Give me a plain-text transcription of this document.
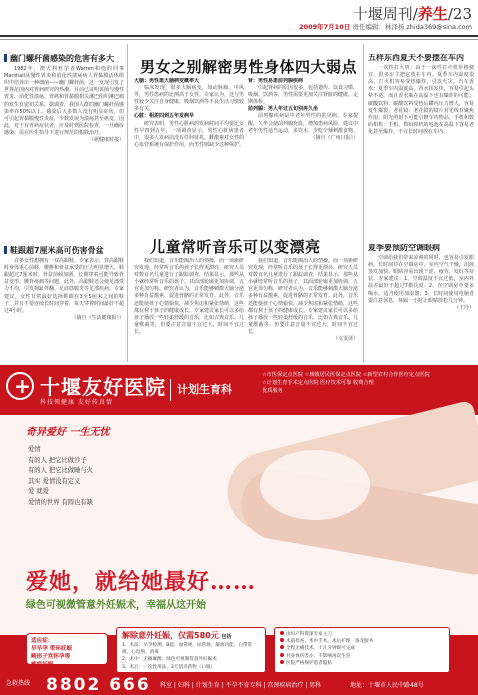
十堰周刊/养生/23
2009年7月10日 责任编辑：林泽扬 zhida369@sina.com
幽门螺杆菌感染的危害有多大

1982年，澳大利亚学者Warren和他的同事Marshall从慢性胃炎和消化性溃疡病人胃黏膜活体组织中培养出一种细菌——幽门螺杆菌，这一发现引发了世界范围内对胃病研究的热潮。目前已证明该菌与慢性胃炎、消化性溃疡、胃癌和胃黏膜相关淋巴组织淋巴瘤的发生有密切关系。据调查，我国人群的幽门螺杆菌感染率在50%以上。感染后大多数人没有明显症状，但可引起胃黏膜慢性炎症，少数发展为溃疡甚至癌变。因此，对于有胃病症状者，应及时到医院检查，一旦确诊感染，需在医生指导下进行规范的根除治疗。

（据健康时报）
鞋跟超7厘米高可伤害骨盆

许多女性想拥有一双高跟鞋，专家表示，穿高跟鞋时身体重心前移，腰椎和骨盆承受的压力明显增大。鞋跟超过7厘米时，骨盆前倾加剧，长期穿着可能导致骨盆变形、腰背疼痛等问题。此外，高跟鞋还会使足部受力不均，引发拇趾外翻、足底筋膜炎等足部疾病。专家建议，女性日常最好选择鞋跟在3至5厘米之间的鞋子，并且不要连续长时间穿着，每天穿着时间最好不超过4小时。

（摘自《生活健康报》）
男女之别解密男性身体四大弱点
大脑：男性患大脑病变概率大

临床发现，很多大脑病变，如动脉瘤、中风等，男性患病的比例高于女性。专家认为，这与男性较少关注自身健康、吸烟饮酒等不良生活习惯较多有关。

心脏：相差四到五年发病早

研究表明，男性心脏病的发病时间平均要比女性早四到五年。一项调查显示，男性心脏病患者中，很多人发病前没有任何征兆。雌激素对女性的心血管系统有保护作用，而男性则缺少这种保护。

肾：男性易患前列腺疾病

引起肾病的原因很多，包括遗传、饮食习惯、吸烟、饮酒等，男性需要更加关注肾脏的健康，定期体检。

前列腺：男人年过五旬别再久坐

前列腺疾病是中老年男性的常见病。专家提醒，久坐会使前列腺充血，增加患病风险，建议中老年男性适当运动，多饮水，少吃辛辣刺激食物。

（摘自《广州日报》）
儿童常听音乐可以变漂亮

我们知道，音乐能陶冶人的情操，而一项新研究发现，经常听音乐的孩子长得更漂亮。研究人员对数百名儿童进行了跟踪调查，结果显示，那些从小就经常听音乐的孩子，其面部轮廓更加协调，五官更加匀称。研究者认为，音乐能够刺激大脑分泌多种有益激素，促进骨骼的正常发育。此外，音乐还能使孩子心情愉快，减少焦虑和紧张情绪，这些都有利于孩子的健康成长。专家建议家长可以多给孩子播放一些轻柔舒缓的音乐，比如古典音乐、儿童歌曲等，但要注意音量不宜过大，时间不宜过长。

我们知道，音乐能陶冶人的情操，而一项新研究发现，经常听音乐的孩子长得更漂亮。研究人员对数百名儿童进行了跟踪调查，结果显示，那些从小就经常听音乐的孩子，其面部轮廓更加协调，五官更加匀称。研究者认为，音乐能够刺激大脑分泌多种有益激素，促进骨骼的正常发育。此外，音乐还能使孩子心情愉快，减少焦虑和紧张情绪，这些都有利于孩子的健康成长。专家建议家长可以多给孩子播放一些轻柔舒缓的音乐，比如古典音乐、儿童歌曲等，但要注意音量不宜过大，时间不宜过长。

（文雯译）
五样东西夏天不要摆在车内

一次性打火机：由于一次性打火机价格便宜，很多车主把它放在车内。夏季车内温度很高，打火机容易受热爆炸，引发火灾。汽车香水：夏季车内温度高，香水挥发快，容易引起头晕不适，而且香水瓶在高温下也有爆炸的可能。碳酸饮料：碳酸饮料受热后罐内压力增大，容易发生爆裂。老花镜：老花镜的镜片对光线有聚焦作用，阳光照射下可能引燃车内物品。手机和数码相机：手机、数码相机的电池在高温下容易老化甚至爆炸，不宜长时间放在车内。

夏季要预防空调眼病

空调给我们带来凉爽的同时，也容易引发眼病。长时间待在空调房中，室内空气干燥，泪液蒸发加快，眼睛容易出现干涩、疲劳、发红等症状。专家建议：1、空调温度不宜过低，室内外温差最好不超过7摄氏度；2、在空调房中要多喝水，适当使用加湿器；3、长时间使用电脑者要注意休息，每隔一小时让眼睛放松几分钟。

（王玲）
+
十堰友好医院
科技领健康 友好传真情
计划生育科
☆市医保定点医院 ☆城镇居民医保定点医院 ☆新型农村合作医疗定点医院
☆计划生育手术定点医院 医疗技术可靠 收费合理
优质服务
奇异爱好 一生无忧
爱情
有的人 把它比做沙子
有的人 把它比做睡与火
其实 爱情没有定义
爱 就爱
爱情的世界 有圆也有缺
爱她，就给她最好……
绿色可视微管意外妊娠术，幸福从这开始
适应症：
早早孕 带环妊娠
畸形子宫怀孕等
瘢痕妊娠
解除意外妊娠，仅需580元 包括
1、术前：早孕检测、B超、血常规、尿常规、凝血功能、白带常规、心电图、消毒
2、术中：无痛麻醉、绿色可视微管意外妊娠术
3、术后：一次性用品、3天消炎药物（口服）
由妇产科资深专家主刀
术前检查、术中手术、术后护理一条龙服务
全程无痛技术，十几分钟即可完成
对身体伤害小，不影响再次生育
医院严格保护患者隐私
急救热线 8802 666 科室 | 妇科 | 计划生育 | 不孕不育专科 | 宫颈疾病治疗 | 男科	地址：十堰市人民中路48号
